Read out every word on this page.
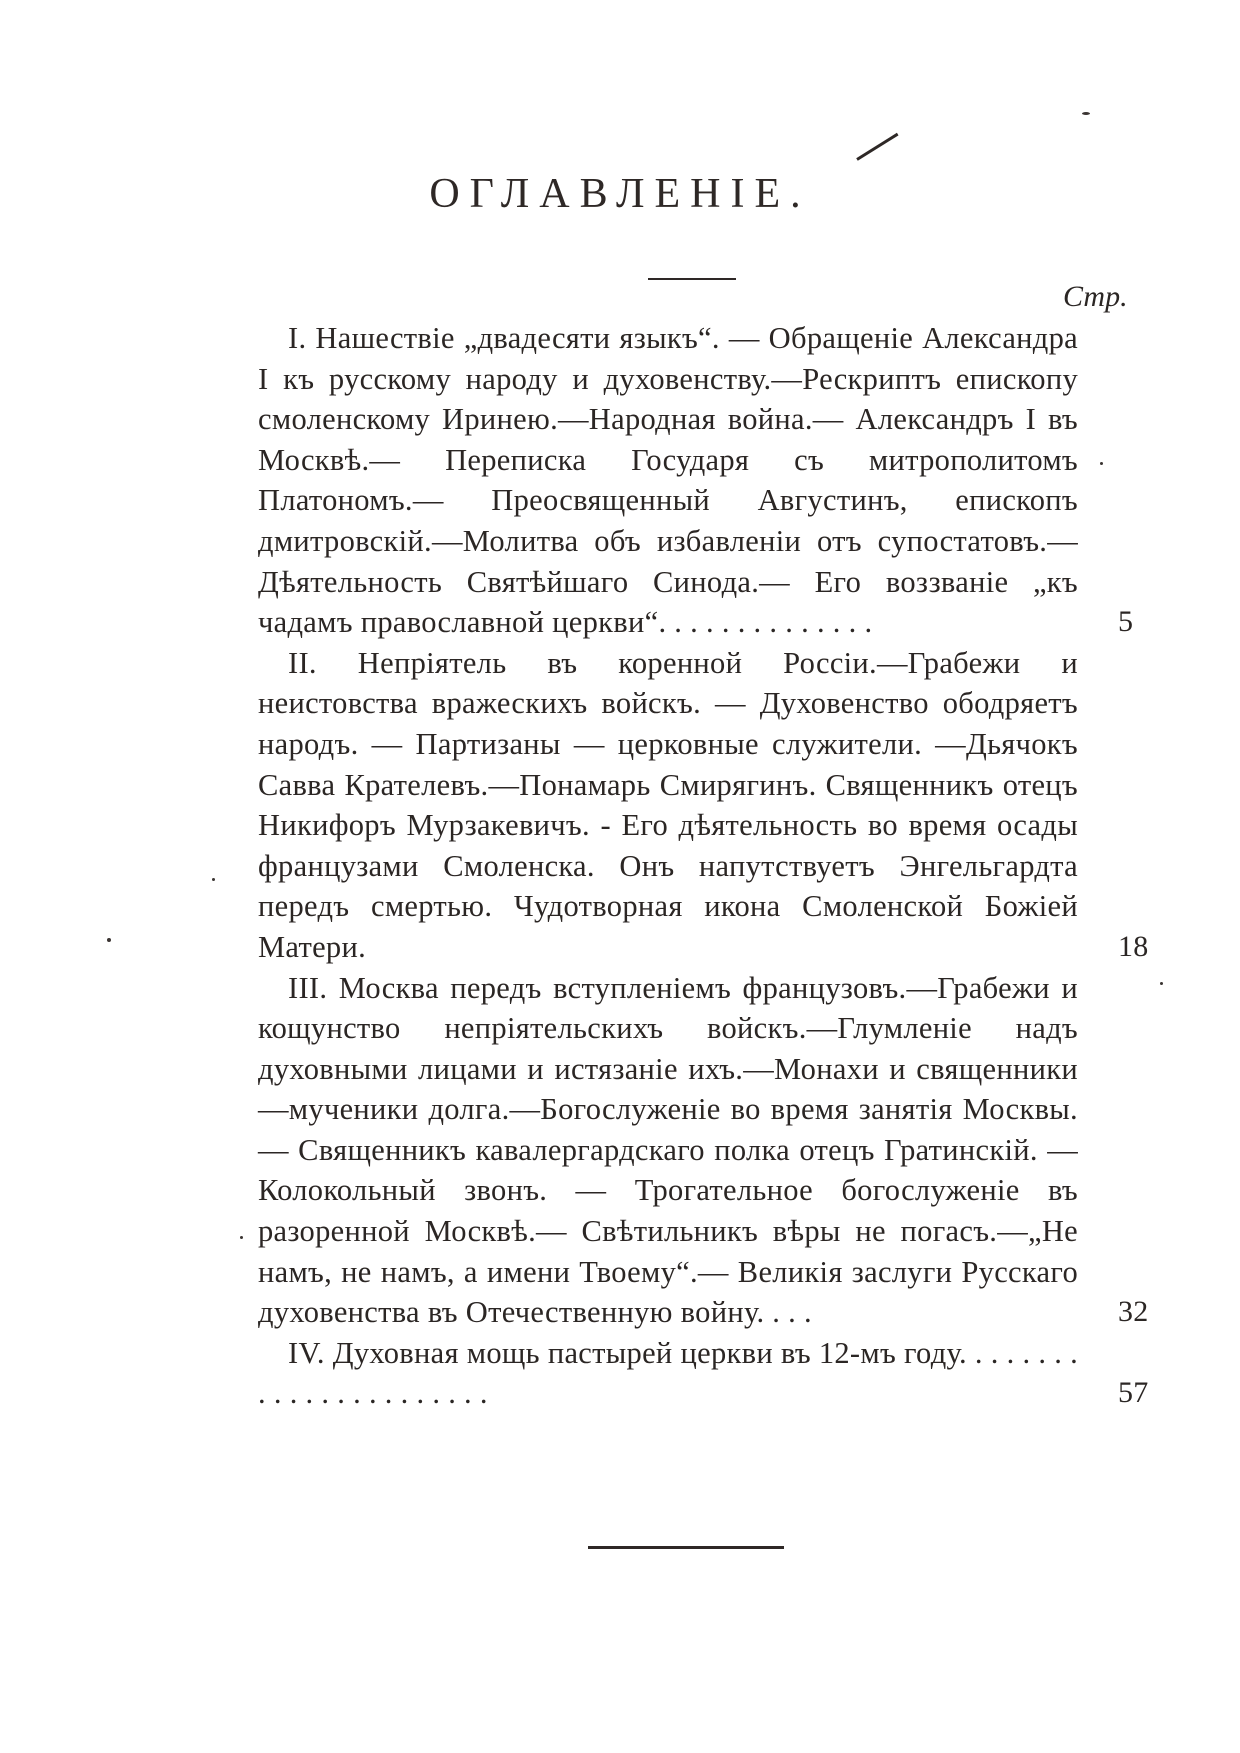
ОГЛАВЛЕНІЕ.
Стр.
I. Нашествіе „двадесяти языкъ“. — Обращеніе Александра I къ русскому народу и духовенству.—Рескриптъ епископу смоленскому Иринею.—Народная война.— Александръ I въ Москвѣ.— Переписка Государя съ митрополитомъ Платономъ.— Преосвященный Августинъ, епископъ дмитровскій.—Молитва объ избавленіи отъ супостатовъ.— Дѣятельность Святѣйшаго Синода.— Его воззваніе „къ чадамъ православной церкви“. . . . . . . . . . . . . .	5
II. Непріятель въ коренной Россіи.—Грабежи и неистовства вражескихъ войскъ. — Духовенство ободряетъ народъ. — Партизаны — церковные служители. —Дьячокъ Савва Кратeлевъ.—Понамарь Смирягинъ. Священникъ отецъ Никифоръ Мурзакевичъ. - Его дѣятельность во время осады французами Смоленска. Онъ напутствуетъ Энгельгардта передъ смертью. Чудотворная икона Смоленской Божіей Матери.	18
III. Москва передъ вступленіемъ французовъ.—Грабежи и кощунство непріятельскихъ войскъ.—Глумленіе надъ духовными лицами и истязаніе ихъ.—Монахи и священники—мученики долга.—Богослуженіе во время занятія Москвы. — Священникъ кавалергардскаго полка отецъ Гратинскій. — Колокольный звонъ. — Трогательное богослуженіе въ разоренной Москвѣ.— Свѣтильникъ вѣры не погасъ.—„Не намъ, не намъ, а имени Твоему“.— Великія заслуги Русскаго духовенства въ Отечественную войну. . . .	32
IV. Духовная мощь пастырей церкви въ 12-мъ году. . . . . . . . . . . . . . . . . . . . . . .	57
